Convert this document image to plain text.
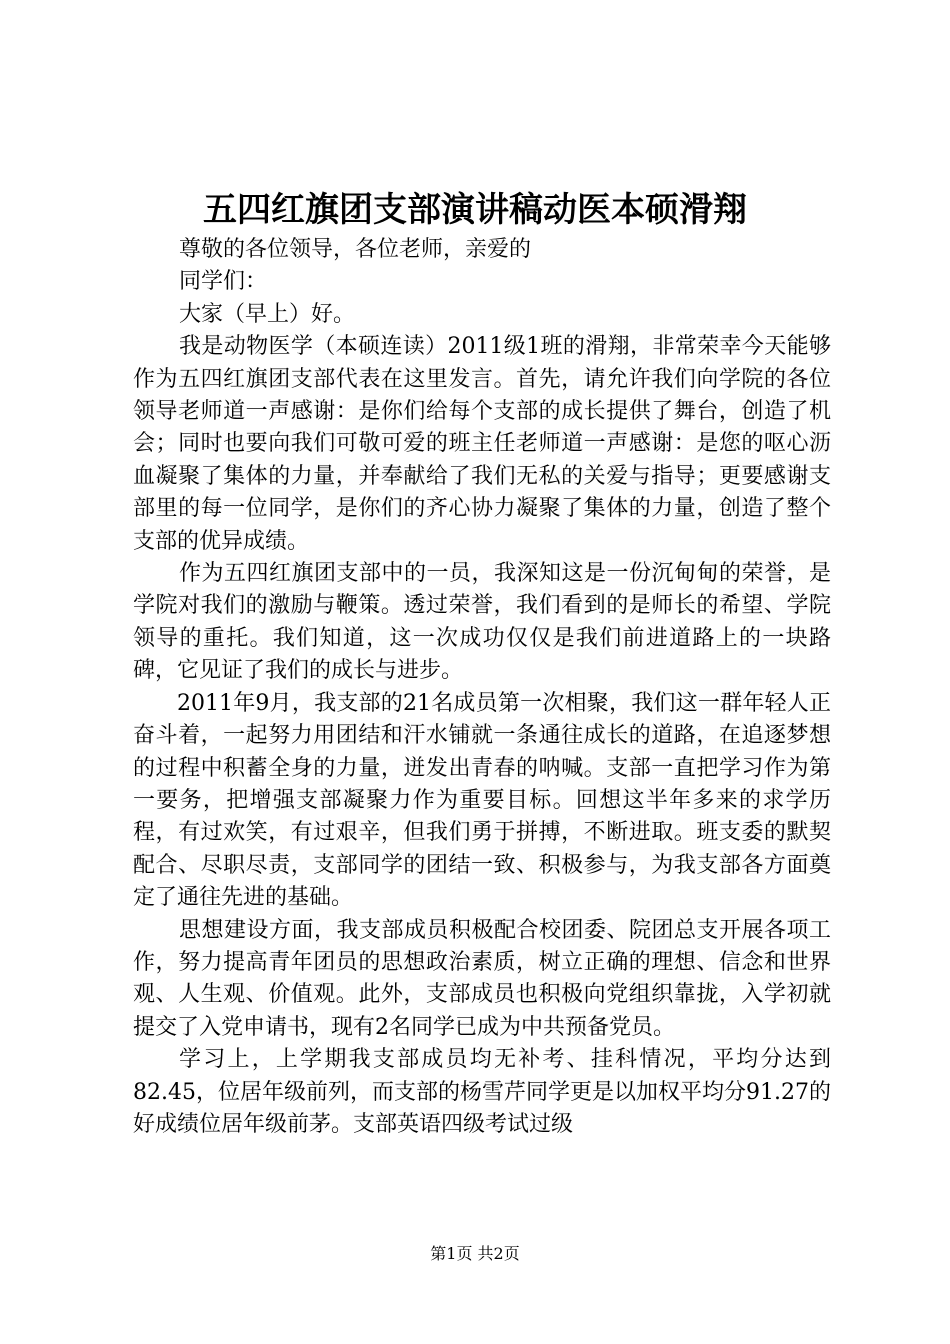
五四红旗团支部演讲稿动医本硕滑翔

尊敬的各位领导，各位老师，亲爱的

同学们：

大家（早上）好。

我是动物医学（本硕连读）2011级1班的滑翔，非常荣幸今天能够作为五四红旗团支部代表在这里发言。首先，请允许我们向学院的各位领导老师道一声感谢：是你们给每个支部的成长提供了舞台，创造了机会；同时也要向我们可敬可爱的班主任老师道一声感谢：是您的呕心沥血凝聚了集体的力量，并奉献给了我们无私的关爱与指导；更要感谢支部里的每一位同学，是你们的齐心协力凝聚了集体的力量，创造了整个支部的优异成绩。

作为五四红旗团支部中的一员，我深知这是一份沉甸甸的荣誉，是学院对我们的激励与鞭策。透过荣誉，我们看到的是师长的希望、学院领导的重托。我们知道，这一次成功仅仅是我们前进道路上的一块路碑，它见证了我们的成长与进步。

2011年9月，我支部的21名成员第一次相聚，我们这一群年轻人正奋斗着，一起努力用团结和汗水铺就一条通往成长的道路，在追逐梦想的过程中积蓄全身的力量，迸发出青春的呐喊。支部一直把学习作为第一要务，把增强支部凝聚力作为重要目标。回想这半年多来的求学历程，有过欢笑，有过艰辛，但我们勇于拼搏，不断进取。班支委的默契配合、尽职尽责，支部同学的团结一致、积极参与，为我支部各方面奠定了通往先进的基础。

思想建设方面，我支部成员积极配合校团委、院团总支开展各项工作，努力提高青年团员的思想政治素质，树立正确的理想、信念和世界观、人生观、价值观。此外，支部成员也积极向党组织靠拢，入学初就提交了入党申请书，现有2名同学已成为中共预备党员。

学习上，上学期我支部成员均无补考、挂科情况，平均分达到82.45，位居年级前列，而支部的杨雪芹同学更是以加权平均分91.27的好成绩位居年级前茅。支部英语四级考试过级

第1页 共2页
